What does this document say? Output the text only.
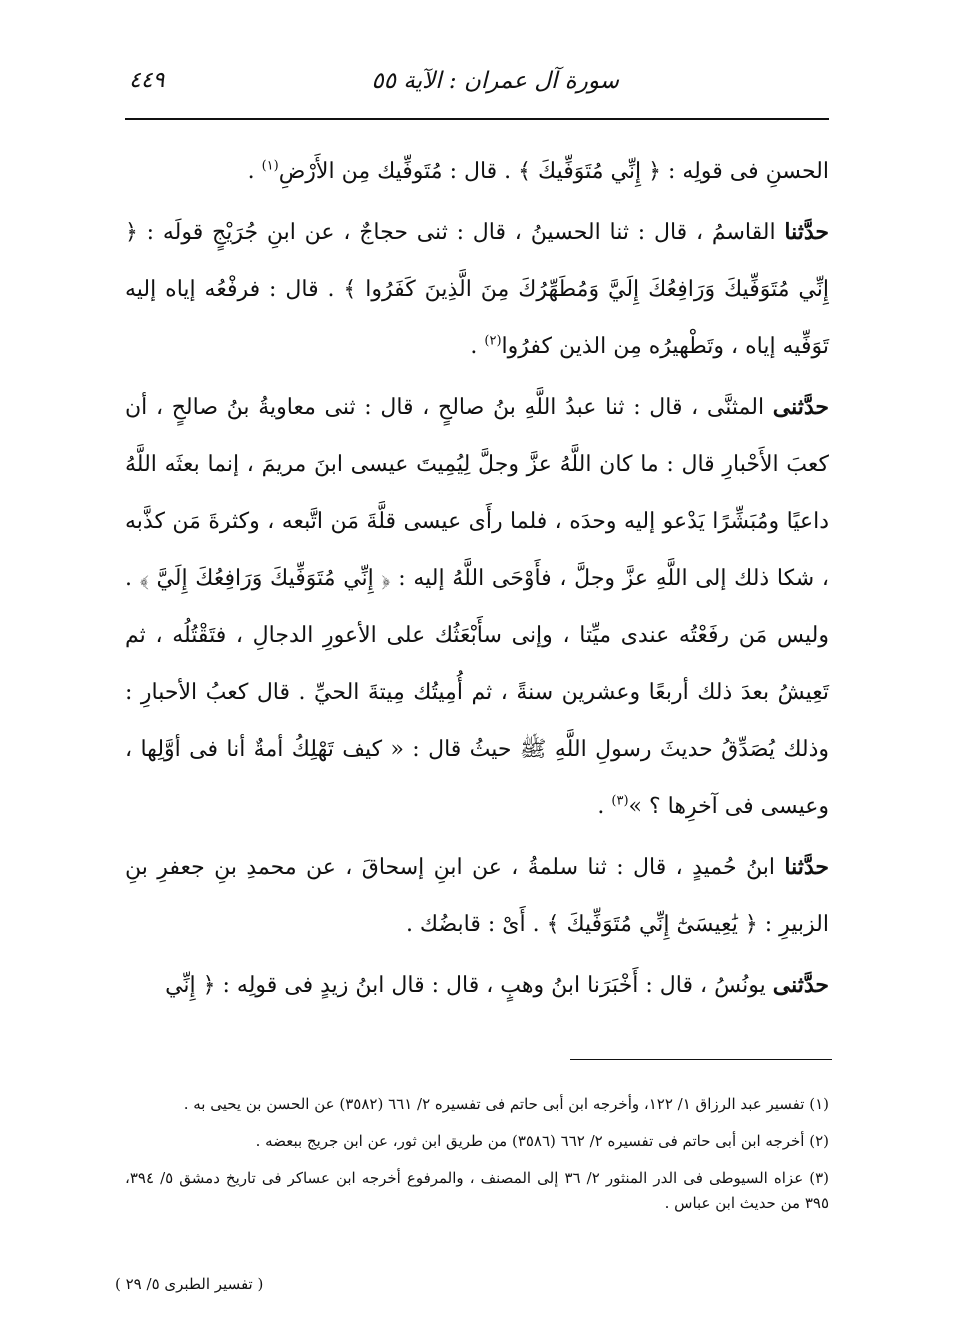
سورة آل عمران : الآية ٥٥
٤٤٩

الحسنِ فى قولِه : ﴿ إِنِّي مُتَوَفِّيكَ ﴾ . قال : مُتَوفِّيك مِن الأَرْضِ$^{(١)}$ .

حدَّثنا القاسمُ ، قال : ثنا الحسينُ ، قال : ثنى حجاجٌ ، عن ابنِ جُرَيْجٍ قولَه : ﴿ إِنِّي مُتَوَفِّيكَ وَرَافِعُكَ إِلَيَّ وَمُطَهِّرُكَ مِنَ الَّذِينَ كَفَرُوا ﴾ . قال : فرفْعُه إياه إليه تَوَفِّيه إياه ، وتَطْهيرُه مِن الذين كفرُوا$^{(٢)}$ .

حدَّثنى المثنَّى ، قال : ثنا عبدُ اللَّهِ بنُ صالحٍ ، قال : ثنى معاويةُ بنُ صالحٍ ، أن كعبَ الأَحْبارِ قال : ما كان اللَّهُ عزَّ وجلَّ لِيُمِيتَ عيسى ابنَ مريمَ ، إنما بعثَه اللَّهُ داعيًا ومُبَشِّرًا يَدْعو إليه وحدَه ، فلما رأَى عيسى قلَّةَ مَن اتَّبعه ، وكثرةَ مَن كذَّبه ، شكا ذلك إلى اللَّهِ عزَّ وجلَّ ، فأَوْحَى اللَّهُ إليه : ﴿ إِنِّي مُتَوَفِّيكَ وَرَافِعُكَ إِلَيَّ ﴾ . وليس مَن رفَعْتُه عندى ميِّتا ، وإنى سأَبْعَثُك على الأعورِ الدجالِ ، فتَقْتُلُه ، ثم تَعِيشُ بعدَ ذلك أربعًا وعشرين سنةً ، ثم أُمِيتُك مِيتةَ الحيِّ . قال كعبُ الأحبارِ : وذلك يُصَدِّقُ حديثَ رسولِ اللَّهِ ﷺ حيثُ قال : « كيف تَهْلِكُ أمةٌ أنا فى أوَّلِها ، وعيسى فى آخرِها ؟ »$^{(٣)}$ .

حدَّثنا ابنُ حُميدٍ ، قال : ثنا سلمةُ ، عن ابنِ إسحاقَ ، عن محمدِ بنِ جعفرِ بنِ الزبيرِ : ﴿ يَٰعِيسَىٰٓ إِنِّي مُتَوَفِّيكَ ﴾ . أَىْ : قابضُك .

حدَّثنى يونُسُ ، قال : أَخْبَرَنا ابنُ وهبٍ ، قال : قال ابنُ زيدٍ فى قولِه : ﴿ إِنِّي

(١) تفسير عبد الرزاق ١/ ١٢٢، وأخرجه ابن أبى حاتم فى تفسيره ٢/ ٦٦١ (٣٥٨٢) عن الحسن بن يحيى به .

(٢) أخرجه ابن أبى حاتم فى تفسيره ٢/ ٦٦٢ (٣٥٨٦) من طريق ابن ثور، عن ابن جريج ببعضه .

(٣) عزاه السيوطى فى الدر المنثور ٢/ ٣٦ إلى المصنف ، والمرفوع أخرجه ابن عساكر فى تاريخ دمشق ٥/ ٣٩٤، ٣٩٥ من حديث ابن عباس .

( تفسير الطبرى ٥/ ٢٩ )
